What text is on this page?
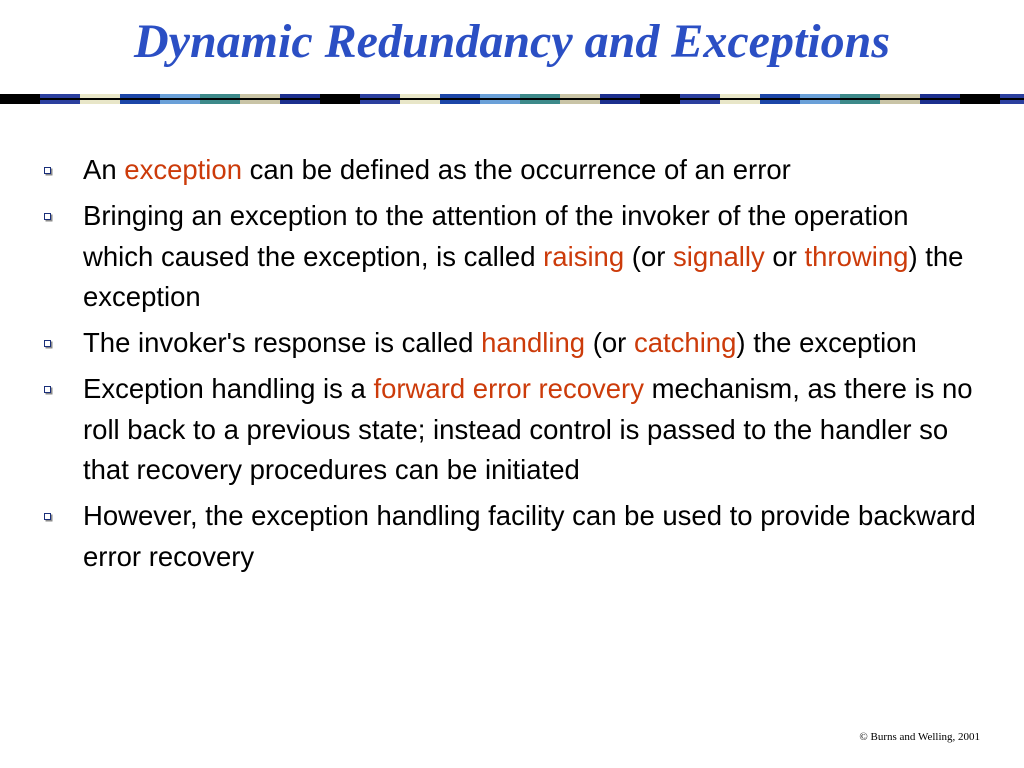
Dynamic Redundancy and Exceptions
An exception can be defined as the occurrence of an error
Bringing an exception to the attention of the invoker of the operation which caused the exception, is called raising (or signally or throwing) the exception
The invoker's response is called handling (or catching) the exception
Exception handling is a forward error recovery mechanism, as there is no roll back to a previous state; instead control is passed to the handler so that recovery procedures can be initiated
However, the exception handling facility can be used to provide backward error recovery
© Burns and Welling, 2001
